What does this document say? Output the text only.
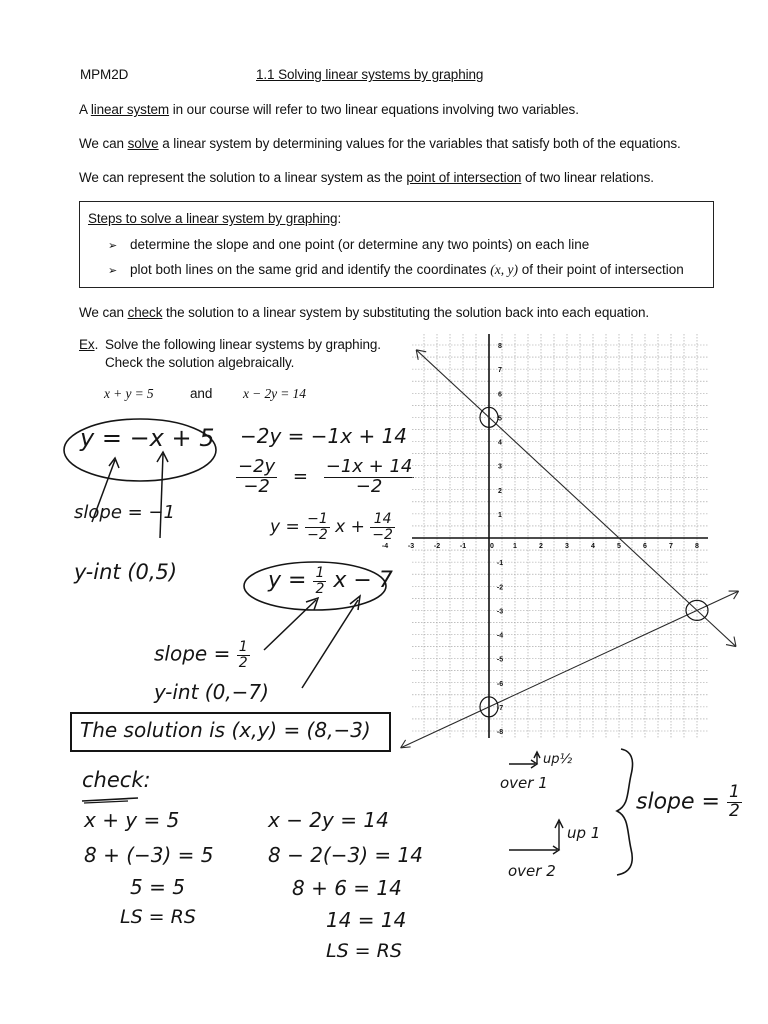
MPM2D	1.1 Solving linear systems by graphing
A linear system in our course will refer to two linear equations involving two variables.
We can solve a linear system by determining values for the variables that satisfy both of the equations.
We can represent the solution to a linear system as the point of intersection of two linear relations.
Steps to solve a linear system by graphing:
➢ determine the slope and one point (or determine any two points) on each line
➢ plot both lines on the same grid and identify the coordinates (x, y) of their point of intersection
We can check the solution to a linear system by substituting the solution back into each equation.
Ex. Solve the following linear systems by graphing.
Check the solution algebraically.
x + y = 5	and x − 2y = 14
y = −x + 5
slope = −1
y-int (0,5)
−2y = −1x + 14
$\frac{-2y}{-2} = \frac{-1x + 14}{-2}$
$y = \frac{-1}{-2}$ $x + \frac{14}{-2}$
$y = \frac{1}{2}$ x − 7
slope = $\frac{1}{2}$
y-int (0,−7)
The solution is (x,y) = (8,−3)
check:
x + y = 5
8 + (−3) = 5
5 = 5
LS = RS
x − 2y = 14
8 − 2(−3) = 14
8 + 6 = 14
14 = 14
LS = RS
up½
over 1
up 1
over 2
slope = $\frac{1}{2}$
-4	-3	-2	-1	1	2	3	4	5	6	7	8
8
7
6
5
4
3
2
1
0
-1
-2
-3
-4
-5
-6
-7
-8
